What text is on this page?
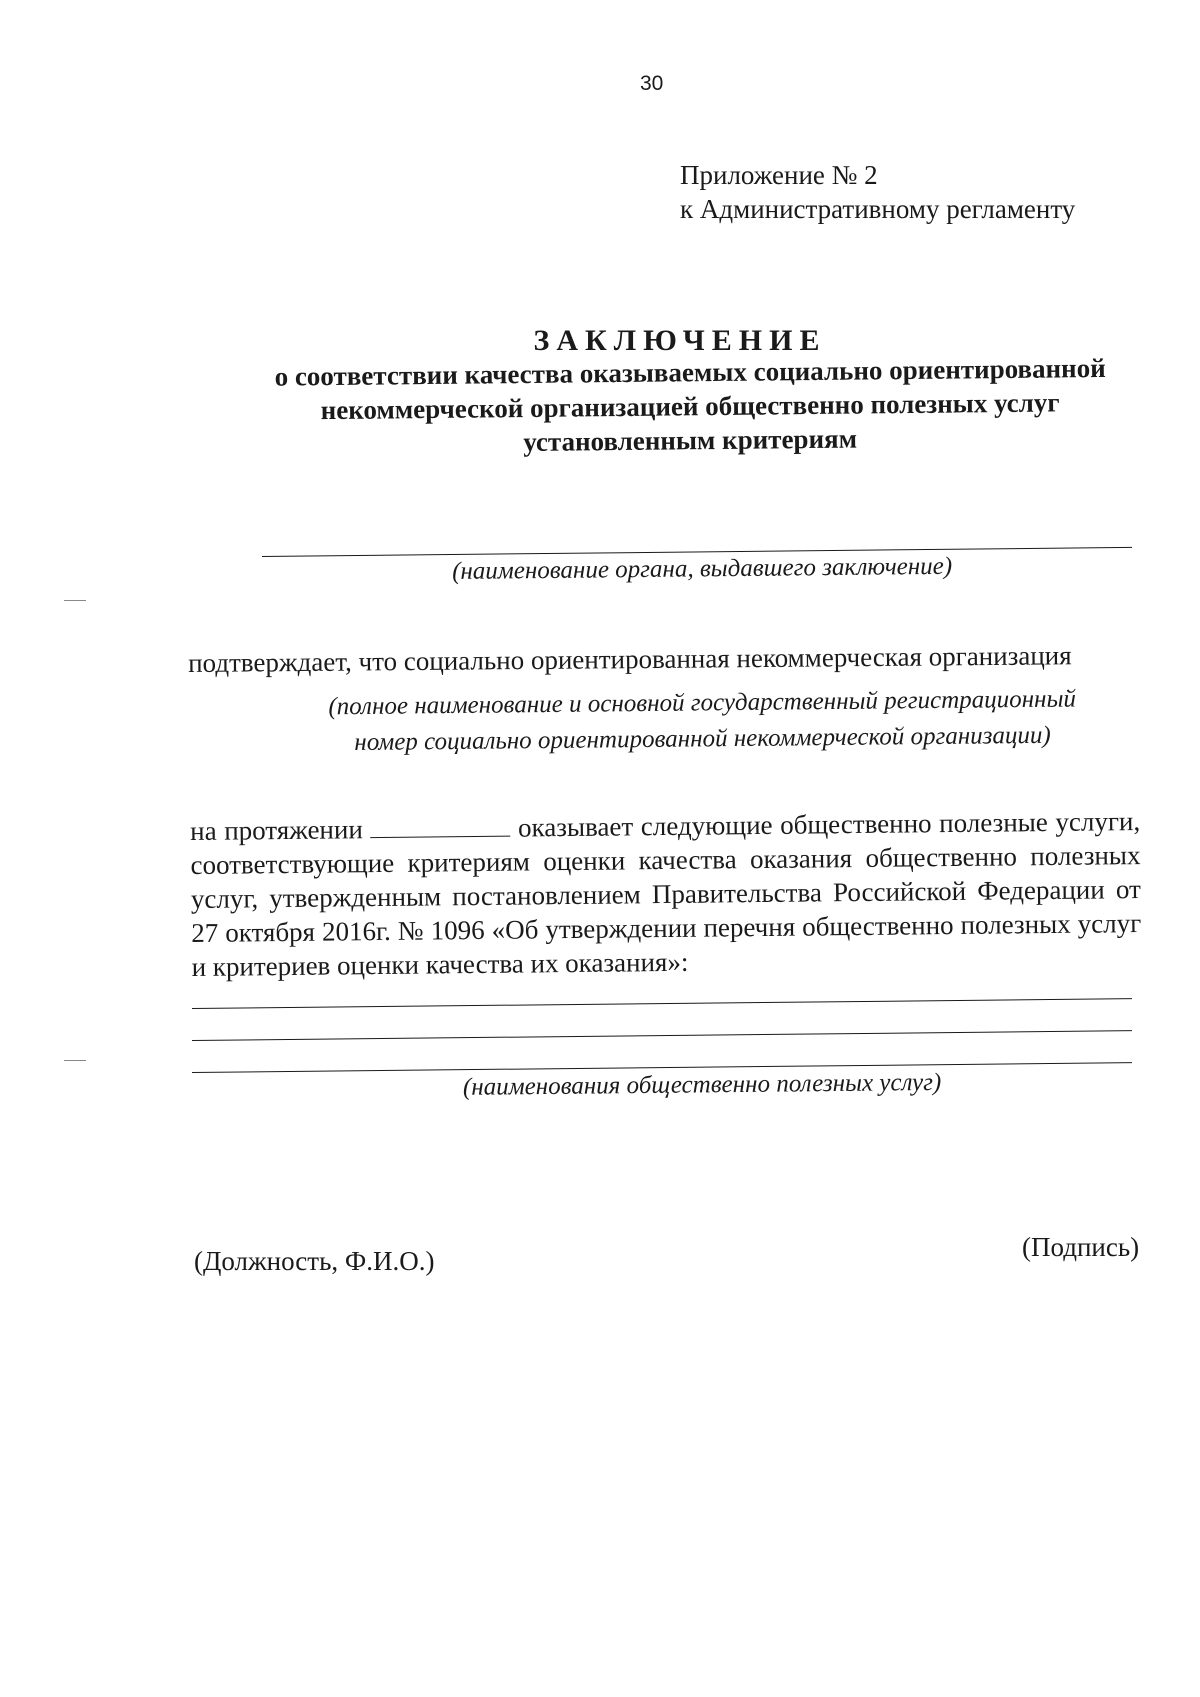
30
Приложение № 2
к Административному регламенту
ЗАКЛЮЧЕНИЕ
о соответствии качества оказываемых социально ориентированной
некоммерческой организацией общественно полезных услуг
установленным критериям
(наименование органа, выдавшего заключение)
подтверждает, что социально ориентированная некоммерческая организация
(полное наименование и основной государственный регистрационный
номер социально ориентированной некоммерческой организации)
на протяжении	оказывает следующие общественно полезные услуги, соответствующие критериям оценки качества оказания общественно полезных услуг, утвержденным постановлением Правительства Российской Федерации от 27 октября 2016г. № 1096 «Об утверждении перечня общественно полезных услуг и критериев оценки качества их оказания»:
(наименования общественно полезных услуг)
(Должность, Ф.И.О.)	(Подпись)
